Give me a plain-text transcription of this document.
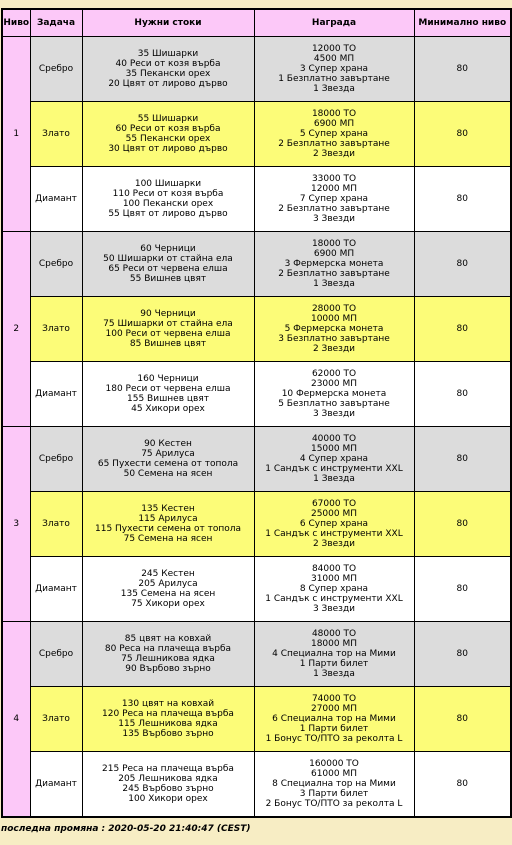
Ниво	Задача	Нужни стоки	Награда	Минимално ниво
1	Сребро	35 Шишарки
40 Реси от козя върба
35 Пекански орех
20 Цвят от лирово дърво	12000 ТО
4500 МП
3 Супер храна
1 Безплатно завъртане
1 Звезда	80
	Злато	55 Шишарки
60 Реси от козя върба
55 Пекански орех
30 Цвят от лирово дърво	18000 ТО
6900 МП
5 Супер храна
2 Безплатно завъртане
2 Звезди	80
	Диамант	100 Шишарки
110 Реси от козя върба
100 Пекански орех
55 Цвят от лирово дърво	33000 ТО
12000 МП
7 Супер храна
2 Безплатно завъртане
3 Звезди	80
2	Сребро	60 Черници
50 Шишарки от стайна ела
65 Реси от червена елша
55 Вишнев цвят	18000 ТО
6900 МП
3 Фермерска монета
2 Безплатно завъртане
1 Звезда	80
	Злато	90 Черници
75 Шишарки от стайна ела
100 Реси от червена елша
85 Вишнев цвят	28000 ТО
10000 МП
5 Фермерска монета
3 Безплатно завъртане
2 Звезди	80
	Диамант	160 Черници
180 Реси от червена елша
155 Вишнев цвят
45 Хикори орех	62000 ТО
23000 МП
10 Фермерска монета
5 Безплатно завъртане
3 Звезди	80
3	Сребро	90 Кестен
75 Арилуса
65 Пухести семена от топола
50 Семена на ясен	40000 ТО
15000 МП
4 Супер храна
1 Сандък с инструменти XXL
1 Звезда	80
	Злато	135 Кестен
115 Арилуса
115 Пухести семена от топола
75 Семена на ясен	67000 ТО
25000 МП
6 Супер храна
1 Сандък с инструменти XXL
2 Звезди	80
	Диамант	245 Кестен
205 Арилуса
135 Семена на ясен
75 Хикори орех	84000 ТО
31000 МП
8 Супер храна
1 Сандък с инструменти XXL
3 Звезди	80
4	Сребро	85 цвят на ковхай
80 Реса на плачеща върба
75 Лешникова ядка
90 Върбово зърно	48000 ТО
18000 МП
4 Специална тор на Мими
1 Парти билет
1 Звезда	80
	Злато	130 цвят на ковхай
120 Реса на плачеща върба
115 Лешникова ядка
135 Върбово зърно	74000 ТО
27000 МП
6 Специална тор на Мими
1 Парти билет
1 Бонус ТО/ПТО за реколта L	80
	Диамант	215 Реса на плачеща върба
205 Лешникова ядка
245 Върбово зърно
100 Хикори орех	160000 ТО
61000 МП
8 Специална тор на Мими
3 Парти билет
2 Бонус ТО/ПТО за реколта L	80
последна промяна : 2020-05-20 21:40:47 (CEST)
